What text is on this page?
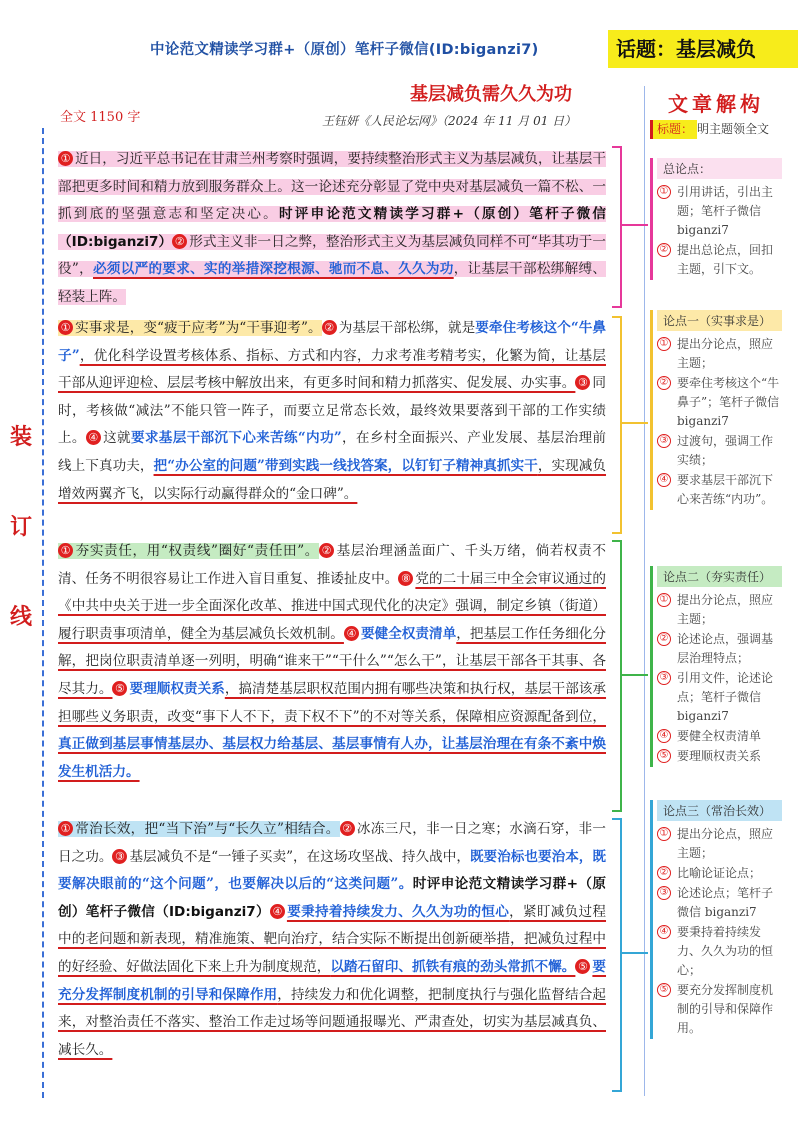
中论范文精读学习群+（原创）笔杆子微信(ID:biganzi7)	话题：基层减负
基层减负需久久为功
全文 1150 字	王钰妍《人民论坛网》（2024 年 11 月 01 日）
文章解构
装
订
线

① 近日，习近平总书记在甘肃兰州考察时强调，要持续整治形式主义为基层减负，让基层干部把更多时间和精力放到服务群众上。这一论述充分彰显了党中央对基层减负一篇不松、一抓到底的坚强意志和坚定决心。时评申论范文精读学习群+（原创）笔杆子微信（ID:biganzi7） ② 形式主义非一日之弊，整治形式主义为基层减负同样不可“毕其功于一役”，必须以严的要求、实的举措深挖根源、驰而不息、久久为功，让基层干部松绑解缚、轻装上阵。

① 实事求是，变“疲于应考”为“干事迎考”。 ② 为基层干部松绑，就是要牵住考核这个“牛鼻子”，优化科学设置考核体系、指标、方式和内容，力求考准考精考实，化繁为简，让基层干部从迎评迎检、层层考核中解放出来，有更多时间和精力抓落实、促发展、办实事。 ③ 同时，考核做“减法”不能只管一阵子，而要立足常态长效，最终效果要落到干部的工作实绩上。 ④ 这就要求基层干部沉下心来苦练“内功”，在乡村全面振兴、产业发展、基层治理前线上下真功夫，把“办公室的问题”带到实践一线找答案，以钉钉子精神真抓实干，实现减负增效两翼齐飞，以实际行动赢得群众的“金口碑”。

① 夯实责任，用“权责线”圈好“责任田”。 ② 基层治理涵盖面广、千头万绪，倘若权责不清、任务不明很容易让工作进入盲目重复、推诿扯皮中。 ⑧ 党的二十届三中全会审议通过的《中共中央关于进一步全面深化改革、推进中国式现代化的决定》强调，制定乡镇（街道）履行职责事项清单，健全为基层减负长效机制。 ④ 要健全权责清单，把基层工作任务细化分解，把岗位职责清单逐一列明，明确“谁来干”“干什么”“怎么干”，让基层干部各干其事、各尽其力。 ⑤ 要理顺权责关系，搞清楚基层职权范围内拥有哪些决策和执行权，基层干部该承担哪些义务职责，改变“事下人不下，责下权不下”的不对等关系，保障相应资源配备到位，真正做到基层事情基层办、基层权力给基层、基层事情有人办，让基层治理在有条不紊中焕发生机活力。

① 常治长效，把“当下治”与“长久立”相结合。 ② 冰冻三尺，非一日之寒；水滴石穿，非一日之功。 ③ 基层减负不是“一锤子买卖”，在这场攻坚战、持久战中，既要治标也要治本，既要解决眼前的“这个问题”，也要解决以后的“这类问题”。时评申论范文精读学习群+（原创）笔杆子微信（ID:biganzi7） ④ 要秉持着持续发力、久久为功的恒心，紧盯减负过程中的老问题和新表现，精准施策、靶向治疗，结合实际不断提出创新硬举措，把减负过程中的好经验、好做法固化下来上升为制度规范，以踏石留印、抓铁有痕的劲头常抓不懈。 ⑤ 要充分发挥制度机制的引导和保障作用，持续发力和优化调整，把制度执行与强化监督结合起来，对整治责任不落实、整治工作走过场等问题通报曝光、严肃查处，切实为基层减真负、减长久。

标题： 明主题领全文
总论点：
① 引用讲话，引出主题；笔杆子微信 biganzi7
② 提出总论点，回扣主题，引下文。
论点一（实事求是）
① 提出分论点，照应主题；
② 要牵住考核这个“牛鼻子”；笔杆子微信 biganzi7
③ 过渡句，强调工作实绩；
④ 要求基层干部沉下心来苦练“内功”。
论点二（夯实责任）
① 提出分论点，照应主题；
② 论述论点，强调基层治理特点；
③ 引用文件，论述论点；笔杆子微信 biganzi7
④ 要健全权责清单
⑤ 要理顺权责关系
论点三（常治长效）
① 提出分论点，照应主题；
② 比喻论证论点；
③ 论述论点；笔杆子微信 biganzi7
④ 要秉持着持续发力、久久为功的恒心；
⑤ 要充分发挥制度机制的引导和保障作用。
